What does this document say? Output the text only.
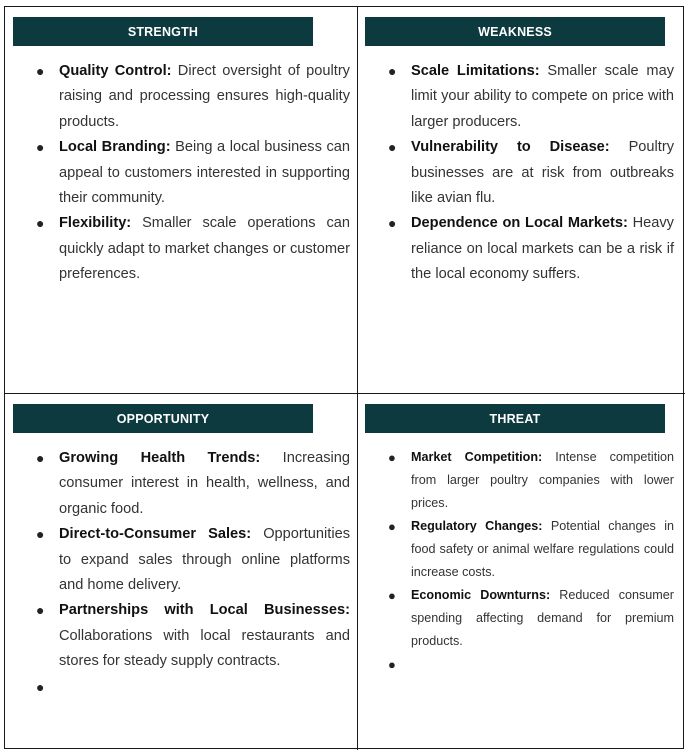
STRENGTH
● Quality Control: Direct oversight of poultry raising and processing ensures high-quality products.
● Local Branding: Being a local business can appeal to customers interested in supporting their community.
● Flexibility: Smaller scale operations can quickly adapt to market changes or customer preferences.
WEAKNESS
● Scale Limitations: Smaller scale may limit your ability to compete on price with larger producers.
● Vulnerability to Disease: Poultry businesses are at risk from outbreaks like avian flu.
● Dependence on Local Markets: Heavy reliance on local markets can be a risk if the local economy suffers.
OPPORTUNITY
● Growing Health Trends: Increasing consumer interest in health, wellness, and organic food.
● Direct-to-Consumer Sales: Opportunities to expand sales through online platforms and home delivery.
● Partnerships with Local Businesses: Collaborations with local restaurants and stores for steady supply contracts.
●
THREAT
● Market Competition: Intense competition from larger poultry companies with lower prices.
● Regulatory Changes: Potential changes in food safety or animal welfare regulations could increase costs.
● Economic Downturns: Reduced consumer spending affecting demand for premium products.
●
